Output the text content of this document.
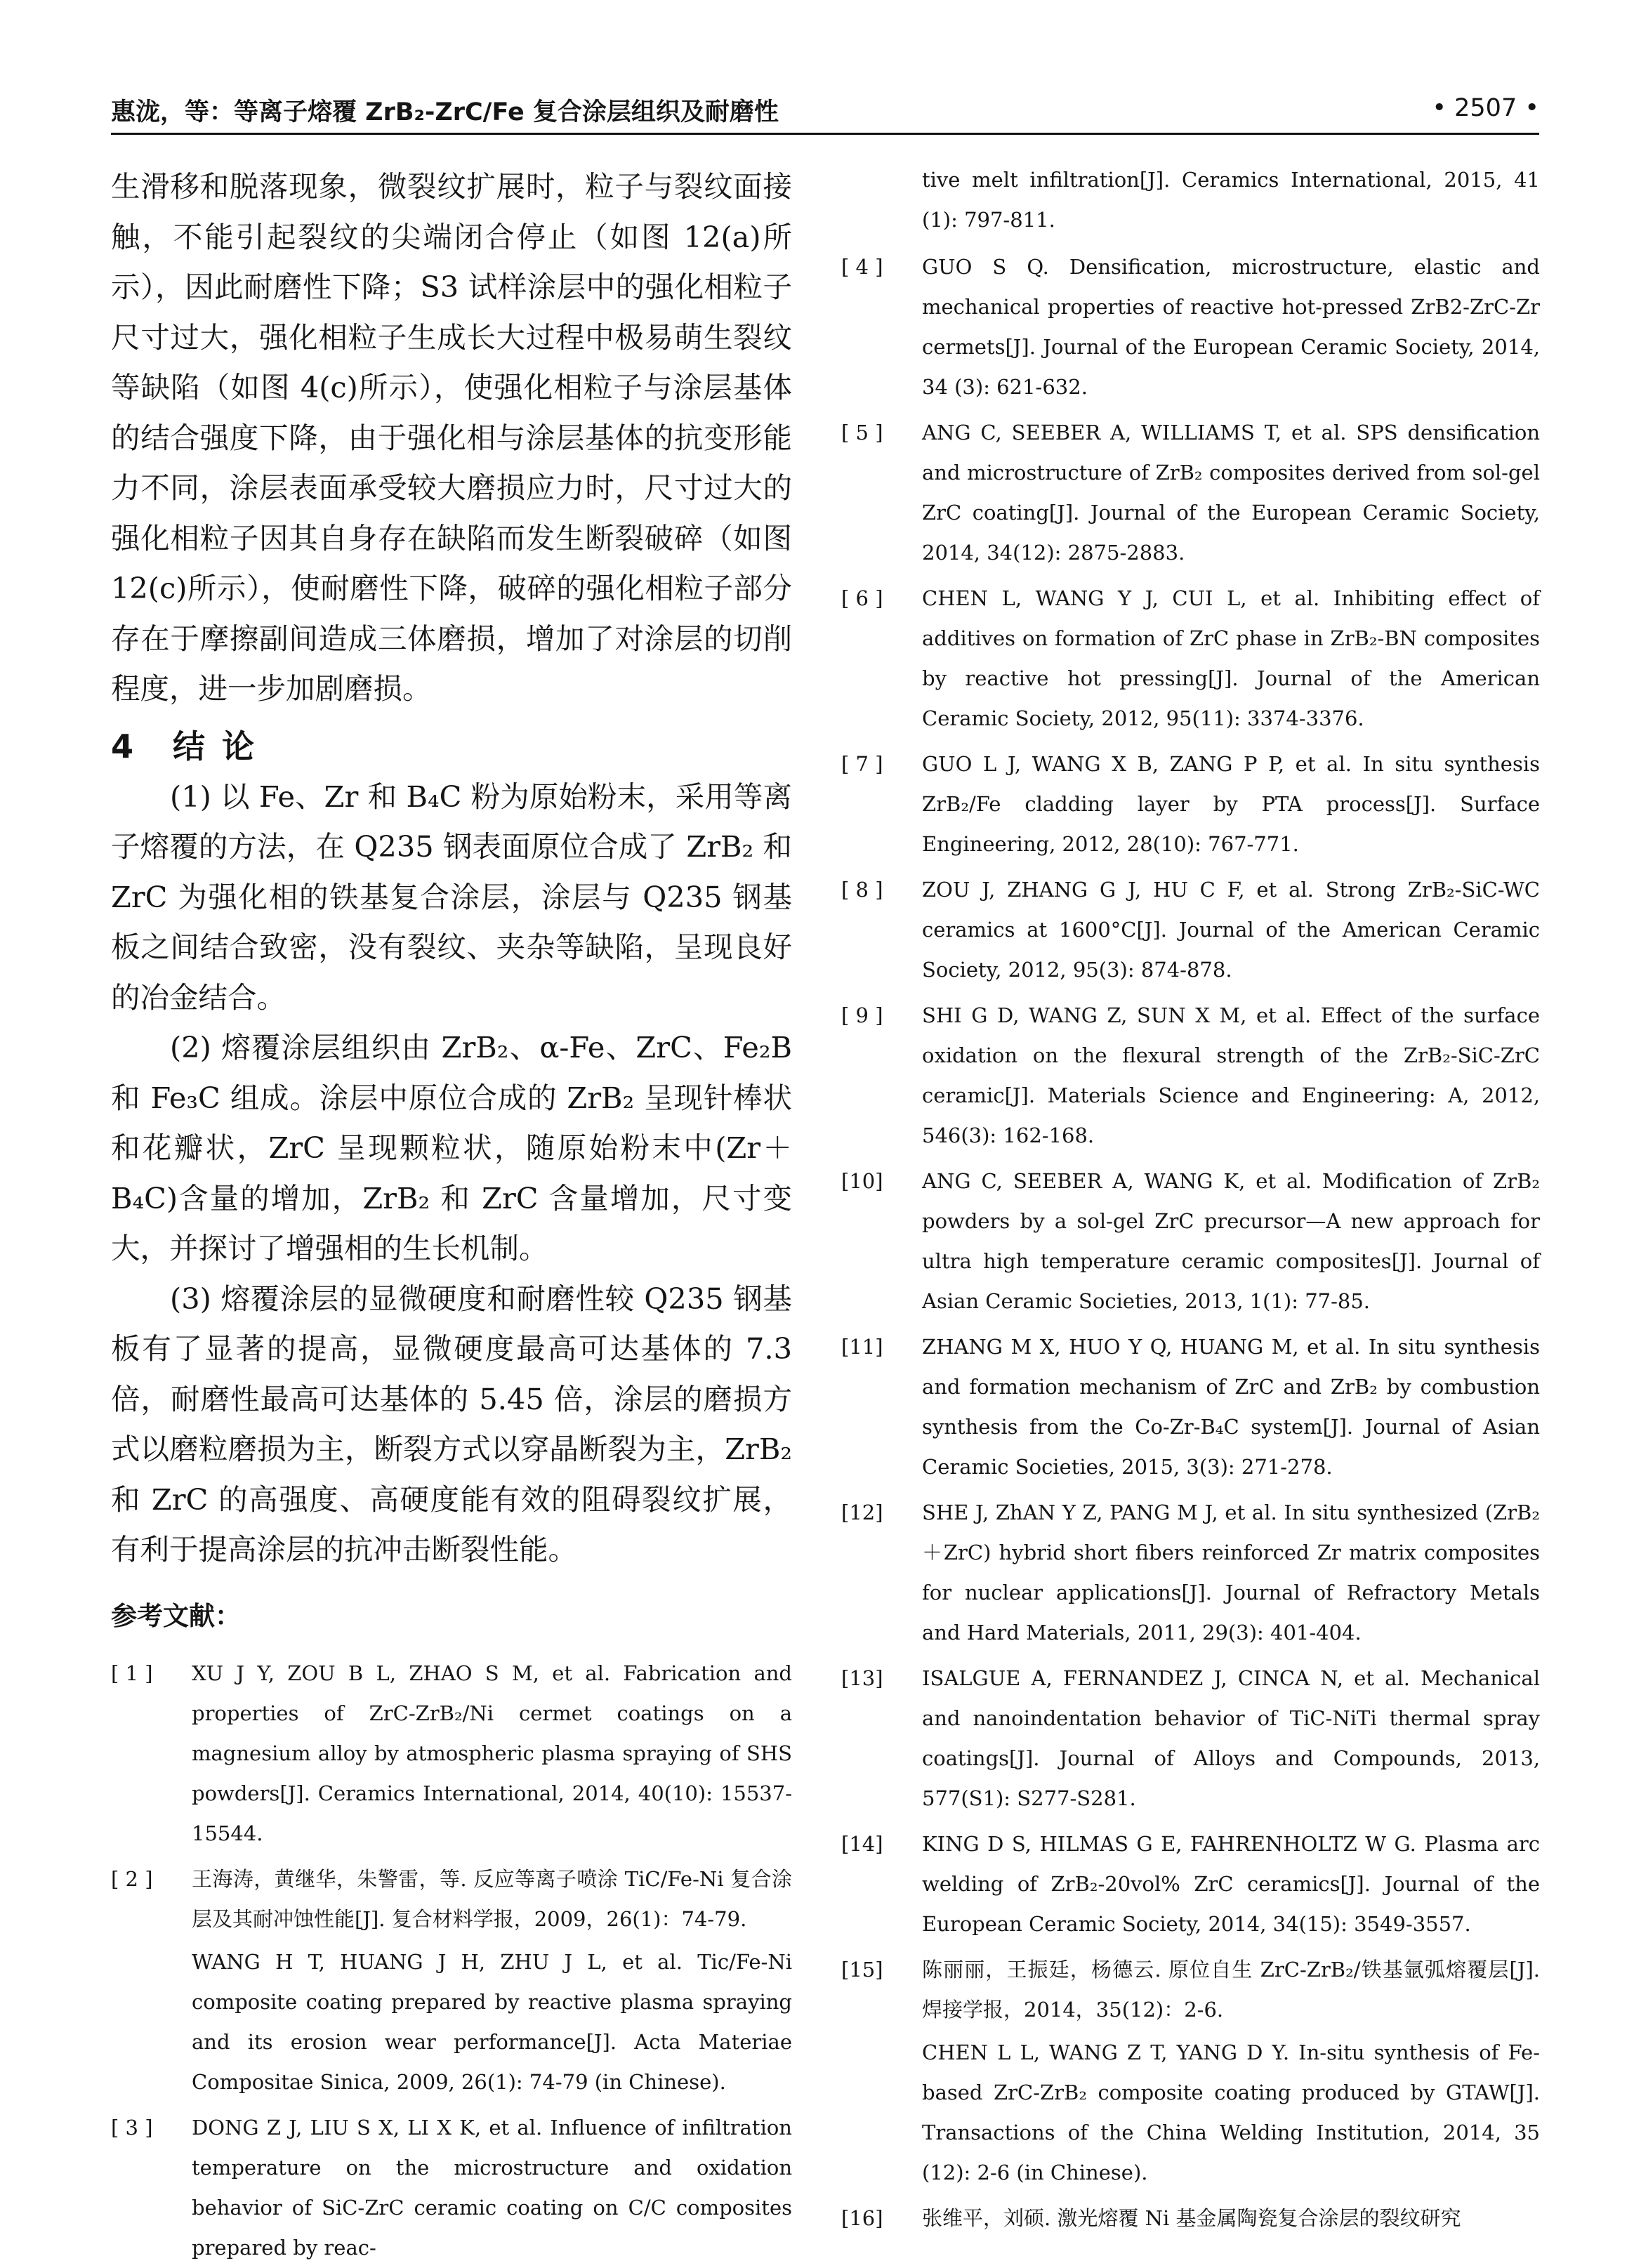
惠泷，等：等离子熔覆 ZrB₂-ZrC/Fe 复合涂层组织及耐磨性	• 2507 •

生滑移和脱落现象，微裂纹扩展时，粒子与裂纹面接触，不能引起裂纹的尖端闭合停止（如图 12(a)所示），因此耐磨性下降；S3 试样涂层中的强化相粒子尺寸过大，强化相粒子生成长大过程中极易萌生裂纹等缺陷（如图 4(c)所示），使强化相粒子与涂层基体的结合强度下降，由于强化相与涂层基体的抗变形能力不同，涂层表面承受较大磨损应力时，尺寸过大的强化相粒子因其自身存在缺陷而发生断裂破碎（如图 12(c)所示），使耐磨性下降，破碎的强化相粒子部分存在于摩擦副间造成三体磨损，增加了对涂层的切削程度，进一步加剧磨损。

4 结论

(1) 以 Fe、Zr 和 B₄C 粉为原始粉末，采用等离子熔覆的方法，在 Q235 钢表面原位合成了 ZrB₂ 和 ZrC 为强化相的铁基复合涂层，涂层与 Q235 钢基板之间结合致密，没有裂纹、夹杂等缺陷，呈现良好的冶金结合。

(2) 熔覆涂层组织由 ZrB₂、α-Fe、ZrC、Fe₂B 和 Fe₃C 组成。涂层中原位合成的 ZrB₂ 呈现针棒状和花瓣状，ZrC 呈现颗粒状，随原始粉末中(Zr＋B₄C)含量的增加，ZrB₂ 和 ZrC 含量增加，尺寸变大，并探讨了增强相的生长机制。

(3) 熔覆涂层的显微硬度和耐磨性较 Q235 钢基板有了显著的提高，显微硬度最高可达基体的 7.3 倍，耐磨性最高可达基体的 5.45 倍，涂层的磨损方式以磨粒磨损为主，断裂方式以穿晶断裂为主，ZrB₂ 和 ZrC 的高强度、高硬度能有效的阻碍裂纹扩展，有利于提高涂层的抗冲击断裂性能。

参考文献：
[ 1 ] XU J Y, ZOU B L, ZHAO S M, et al. Fabrication and properties of ZrC-ZrB₂/Ni cermet coatings on a magnesium alloy by atmospheric plasma spraying of SHS powders[J]. Ceramics International, 2014, 40(10): 15537-15544.
[ 2 ] 王海涛，黄继华，朱警雷，等. 反应等离子喷涂 TiC/Fe-Ni 复合涂层及其耐冲蚀性能[J]. 复合材料学报，2009，26(1)：74-79.
WANG H T, HUANG J H, ZHU J L, et al. Tic/Fe-Ni composite coating prepared by reactive plasma spraying and its erosion wear performance[J]. Acta Materiae Compositae Sinica, 2009, 26(1): 74-79 (in Chinese).
[ 3 ] DONG Z J, LIU S X, LI X K, et al. Influence of infiltration temperature on the microstructure and oxidation behavior of SiC-ZrC ceramic coating on C/C composites prepared by reac-

tive melt infiltration[J]. Ceramics International, 2015, 41 (1): 797-811.

[ 4 ] GUO S Q. Densification, microstructure, elastic and mechanical properties of reactive hot-pressed ZrB2-ZrC-Zr cermets[J]. Journal of the European Ceramic Society, 2014, 34 (3): 621-632.
[ 5 ] ANG C, SEEBER A, WILLIAMS T, et al. SPS densification and microstructure of ZrB₂ composites derived from sol-gel ZrC coating[J]. Journal of the European Ceramic Society, 2014, 34(12): 2875-2883.
[ 6 ] CHEN L, WANG Y J, CUI L, et al. Inhibiting effect of additives on formation of ZrC phase in ZrB₂-BN composites by reactive hot pressing[J]. Journal of the American Ceramic Society, 2012, 95(11): 3374-3376.
[ 7 ] GUO L J, WANG X B, ZANG P P, et al. In situ synthesis ZrB₂/Fe cladding layer by PTA process[J]. Surface Engineering, 2012, 28(10): 767-771.
[ 8 ] ZOU J, ZHANG G J, HU C F, et al. Strong ZrB₂-SiC-WC ceramics at 1600°C[J]. Journal of the American Ceramic Society, 2012, 95(3): 874-878.
[ 9 ] SHI G D, WANG Z, SUN X M, et al. Effect of the surface oxidation on the flexural strength of the ZrB₂-SiC-ZrC ceramic[J]. Materials Science and Engineering: A, 2012, 546(3): 162-168.
[10] ANG C, SEEBER A, WANG K, et al. Modification of ZrB₂ powders by a sol-gel ZrC precursor—A new approach for ultra high temperature ceramic composites[J]. Journal of Asian Ceramic Societies, 2013, 1(1): 77-85.
[11] ZHANG M X, HUO Y Q, HUANG M, et al. In situ synthesis and formation mechanism of ZrC and ZrB₂ by combustion synthesis from the Co-Zr-B₄C system[J]. Journal of Asian Ceramic Societies, 2015, 3(3): 271-278.
[12] SHE J, ZhAN Y Z, PANG M J, et al. In situ synthesized (ZrB₂＋ZrC) hybrid short fibers reinforced Zr matrix composites for nuclear applications[J]. Journal of Refractory Metals and Hard Materials, 2011, 29(3): 401-404.
[13] ISALGUE A, FERNANDEZ J, CINCA N, et al. Mechanical and nanoindentation behavior of TiC-NiTi thermal spray coatings[J]. Journal of Alloys and Compounds, 2013, 577(S1): S277-S281.
[14] KING D S, HILMAS G E, FAHRENHOLTZ W G. Plasma arc welding of ZrB₂-20vol% ZrC ceramics[J]. Journal of the European Ceramic Society, 2014, 34(15): 3549-3557.
[15] 陈丽丽，王振廷，杨德云. 原位自生 ZrC-ZrB₂/铁基氩弧熔覆层[J]. 焊接学报，2014，35(12)：2-6.
CHEN L L, WANG Z T, YANG D Y. In-situ synthesis of Fe-based ZrC-ZrB₂ composite coating produced by GTAW[J]. Transactions of the China Welding Institution, 2014, 35 (12): 2-6 (in Chinese).
[16] 张维平，刘硕. 激光熔覆 Ni 基金属陶瓷复合涂层的裂纹研究
